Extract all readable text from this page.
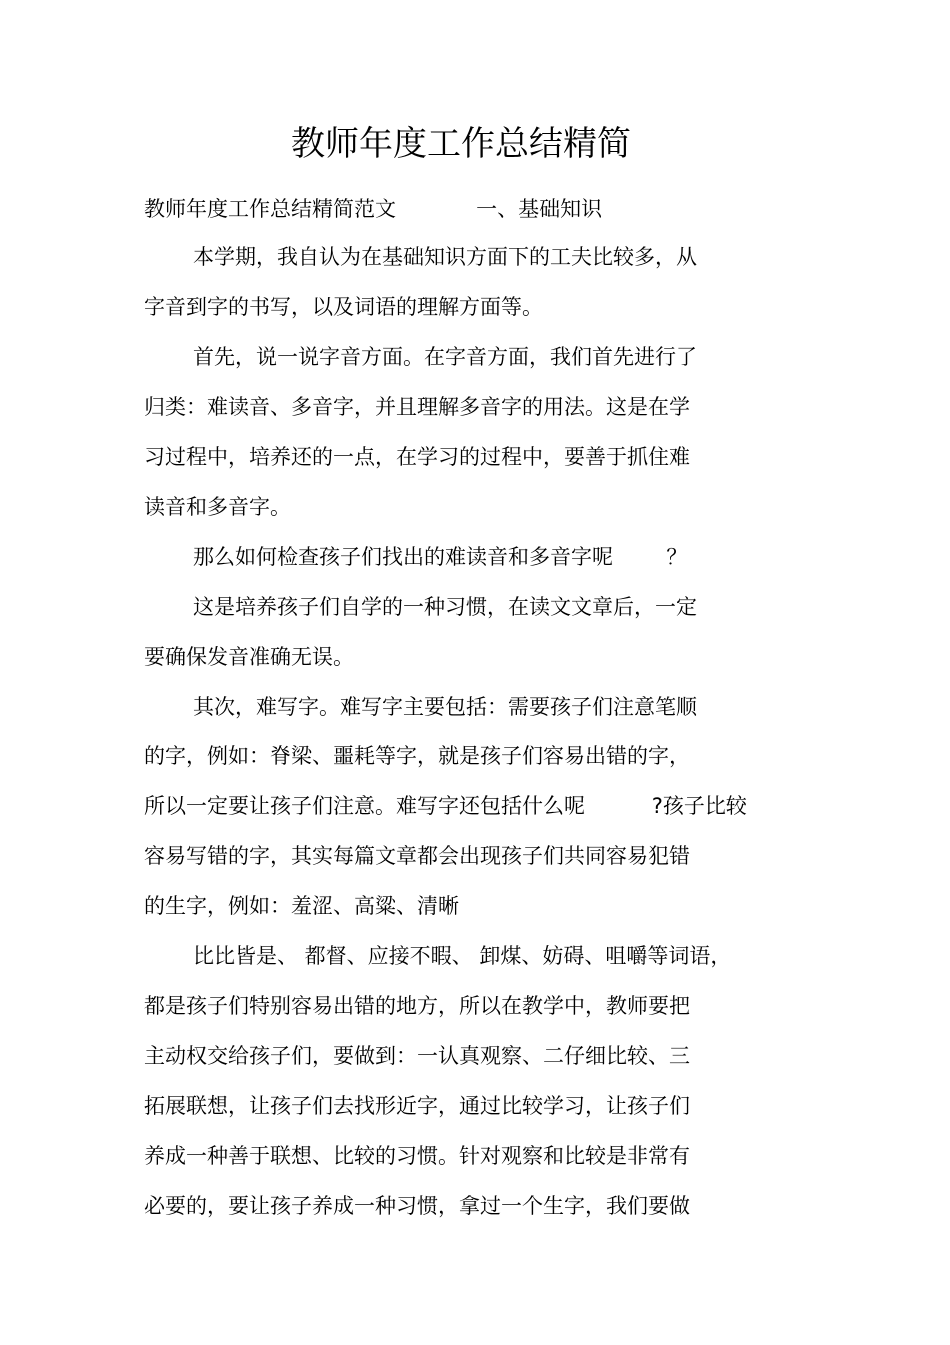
教师年度工作总结精简
教师年度工作总结精简范文            一、基础知识
本学期，我自认为在基础知识方面下的工夫比较多，从
字音到字的书写，以及词语的理解方面等。
首先，说一说字音方面。在字音方面，我们首先进行了
归类：难读音、多音字，并且理解多音字的用法。这是在学
习过程中，培养还的一点，在学习的过程中，要善于抓住难
读音和多音字。
那么如何检查孩子们找出的难读音和多音字呢        ？
这是培养孩子们自学的一种习惯，在读文文章后，一定
要确保发音准确无误。
其次，难写字。难写字主要包括：需要孩子们注意笔顺
的字，例如：脊梁、噩耗等字，就是孩子们容易出错的字，
所以一定要让孩子们注意。难写字还包括什么呢          ?孩子比较
容易写错的字，其实每篇文章都会出现孩子们共同容易犯错
的生字，例如：羞涩、高粱、清晰
比比皆是、 都督、应接不暇、 卸煤、妨碍、咀嚼等词语，
都是孩子们特别容易出错的地方，所以在教学中，教师要把
主动权交给孩子们，要做到：一认真观察、二仔细比较、三
拓展联想，让孩子们去找形近字，通过比较学习，让孩子们
养成一种善于联想、比较的习惯。针对观察和比较是非常有
必要的，要让孩子养成一种习惯，拿过一个生字，我们要做
